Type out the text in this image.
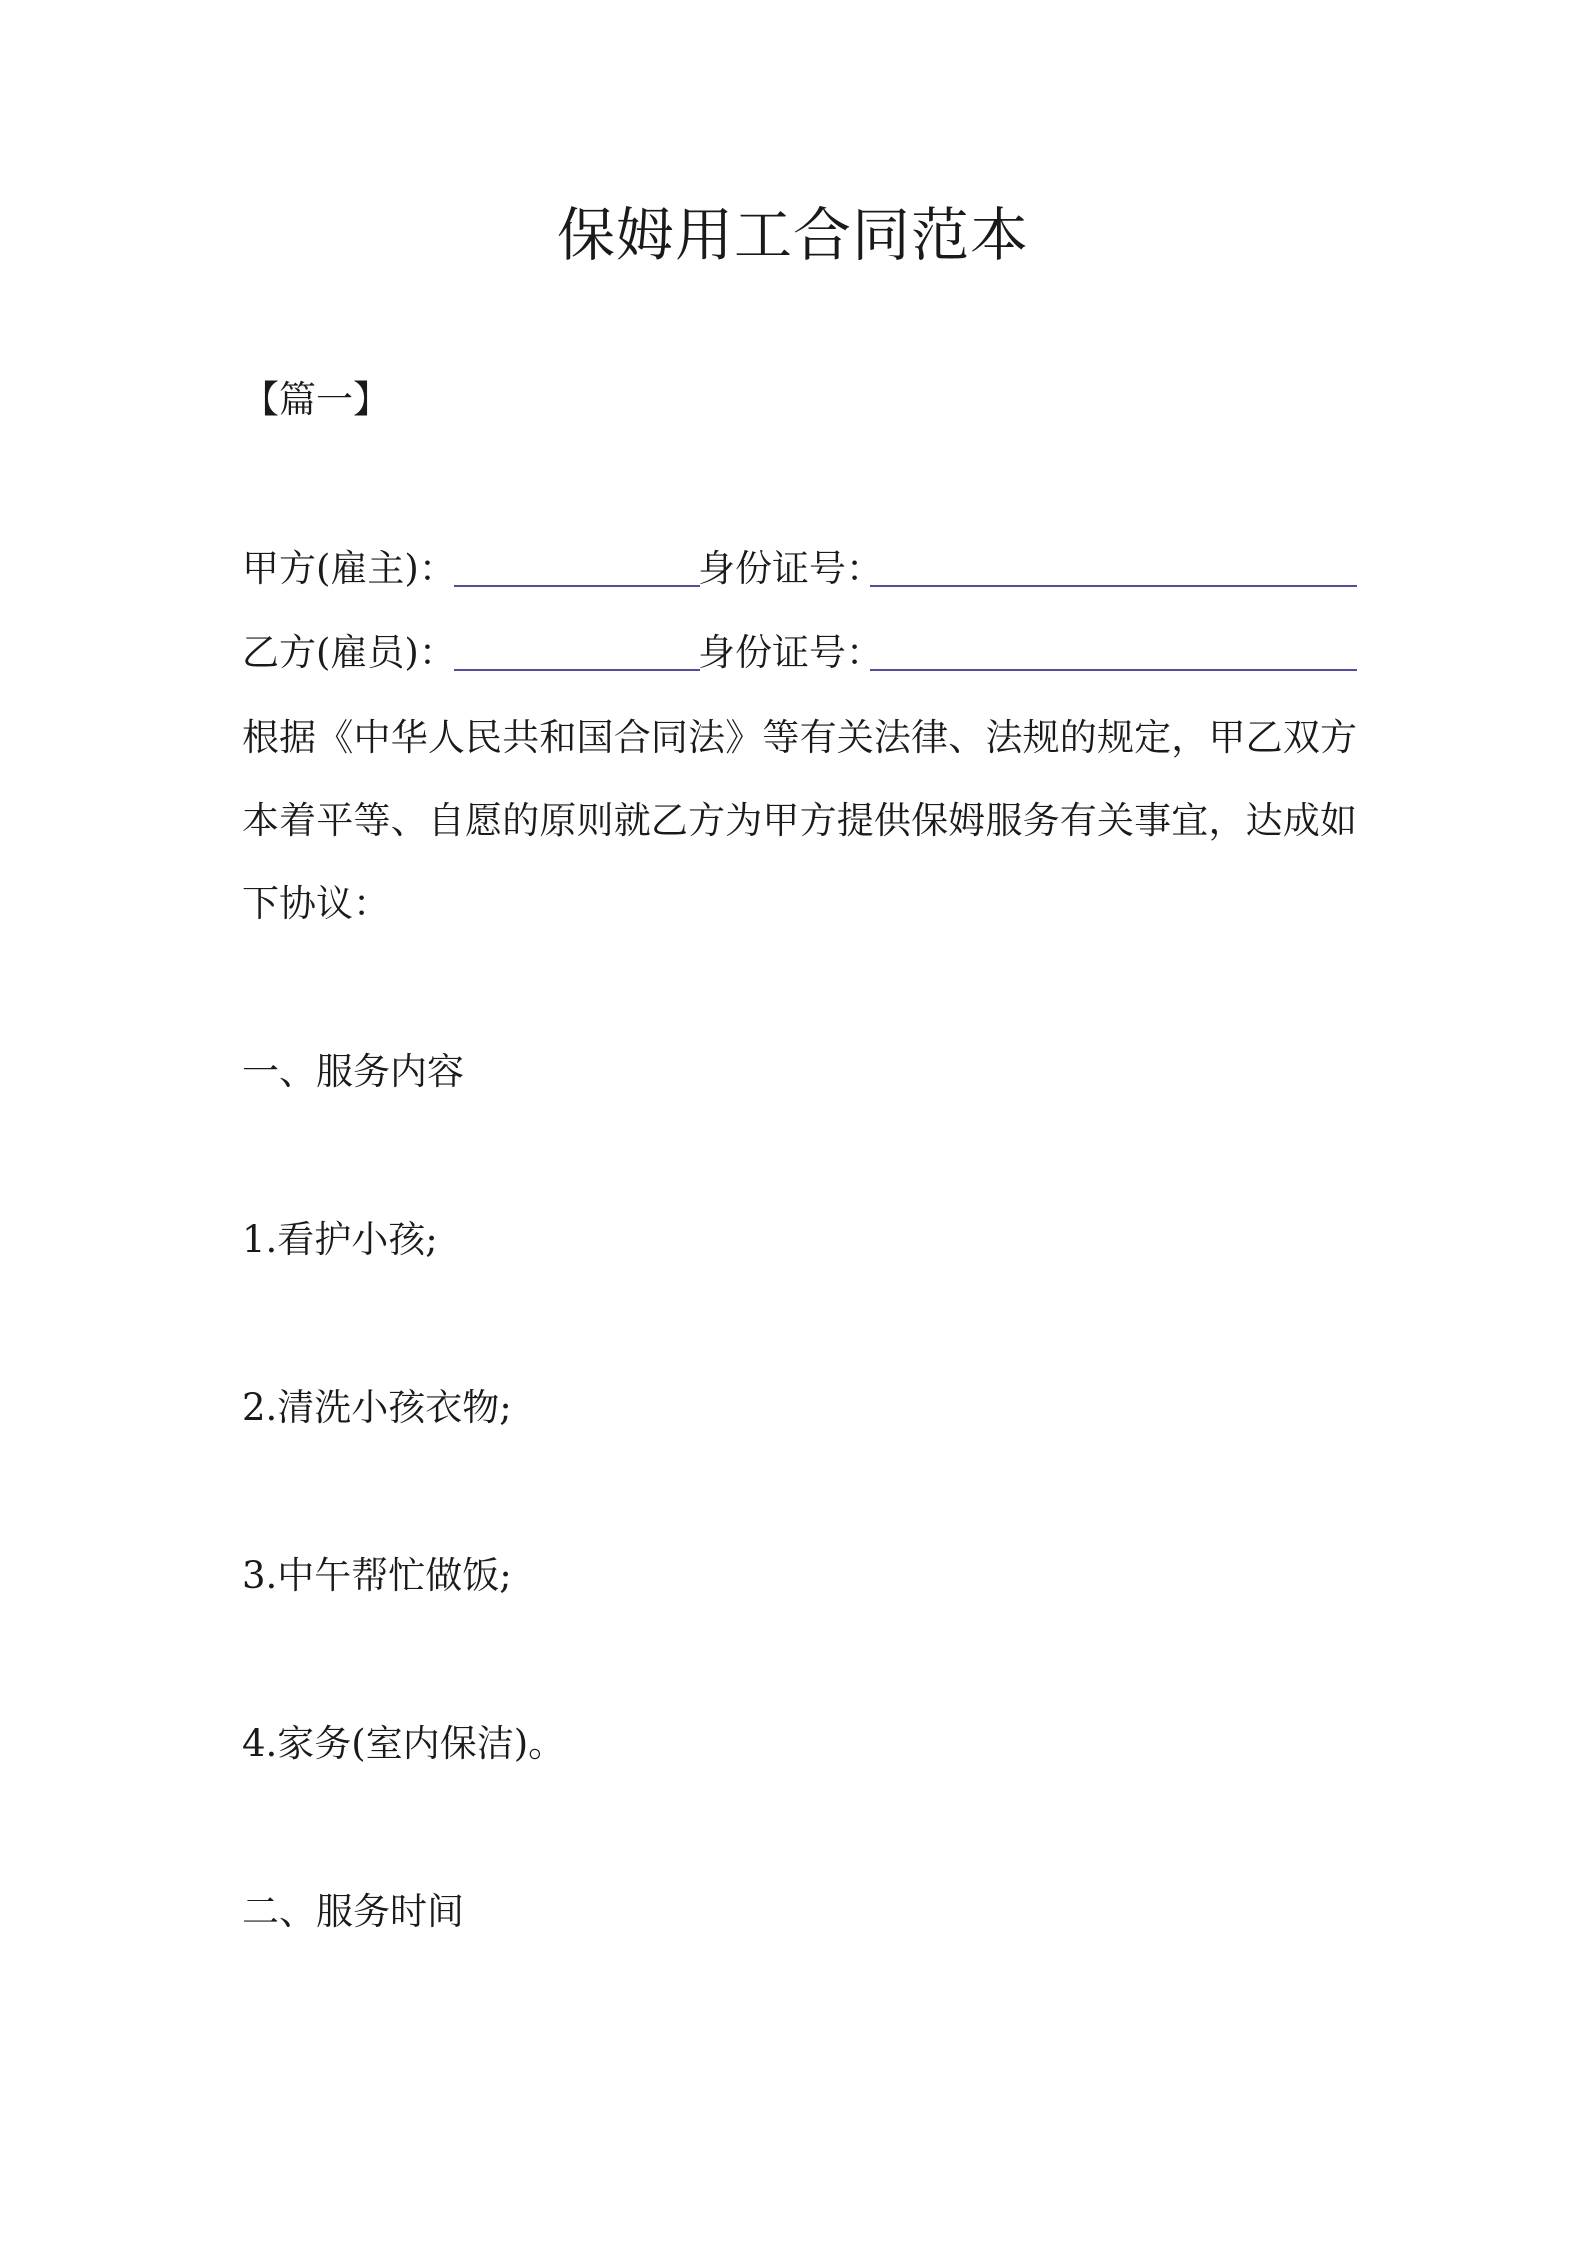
保姆用工合同范本
【篇一】
甲方(雇主)：	身份证号：
乙方(雇员)：	身份证号：
根据《中华人民共和国合同法》等有关法律、法规的规定，甲乙双方
本着平等、自愿的原则就乙方为甲方提供保姆服务有关事宜，达成如
下协议：
一、服务内容
1.看护小孩;
2.清洗小孩衣物;
3.中午帮忙做饭;
4.家务(室内保洁)。
二、服务时间
